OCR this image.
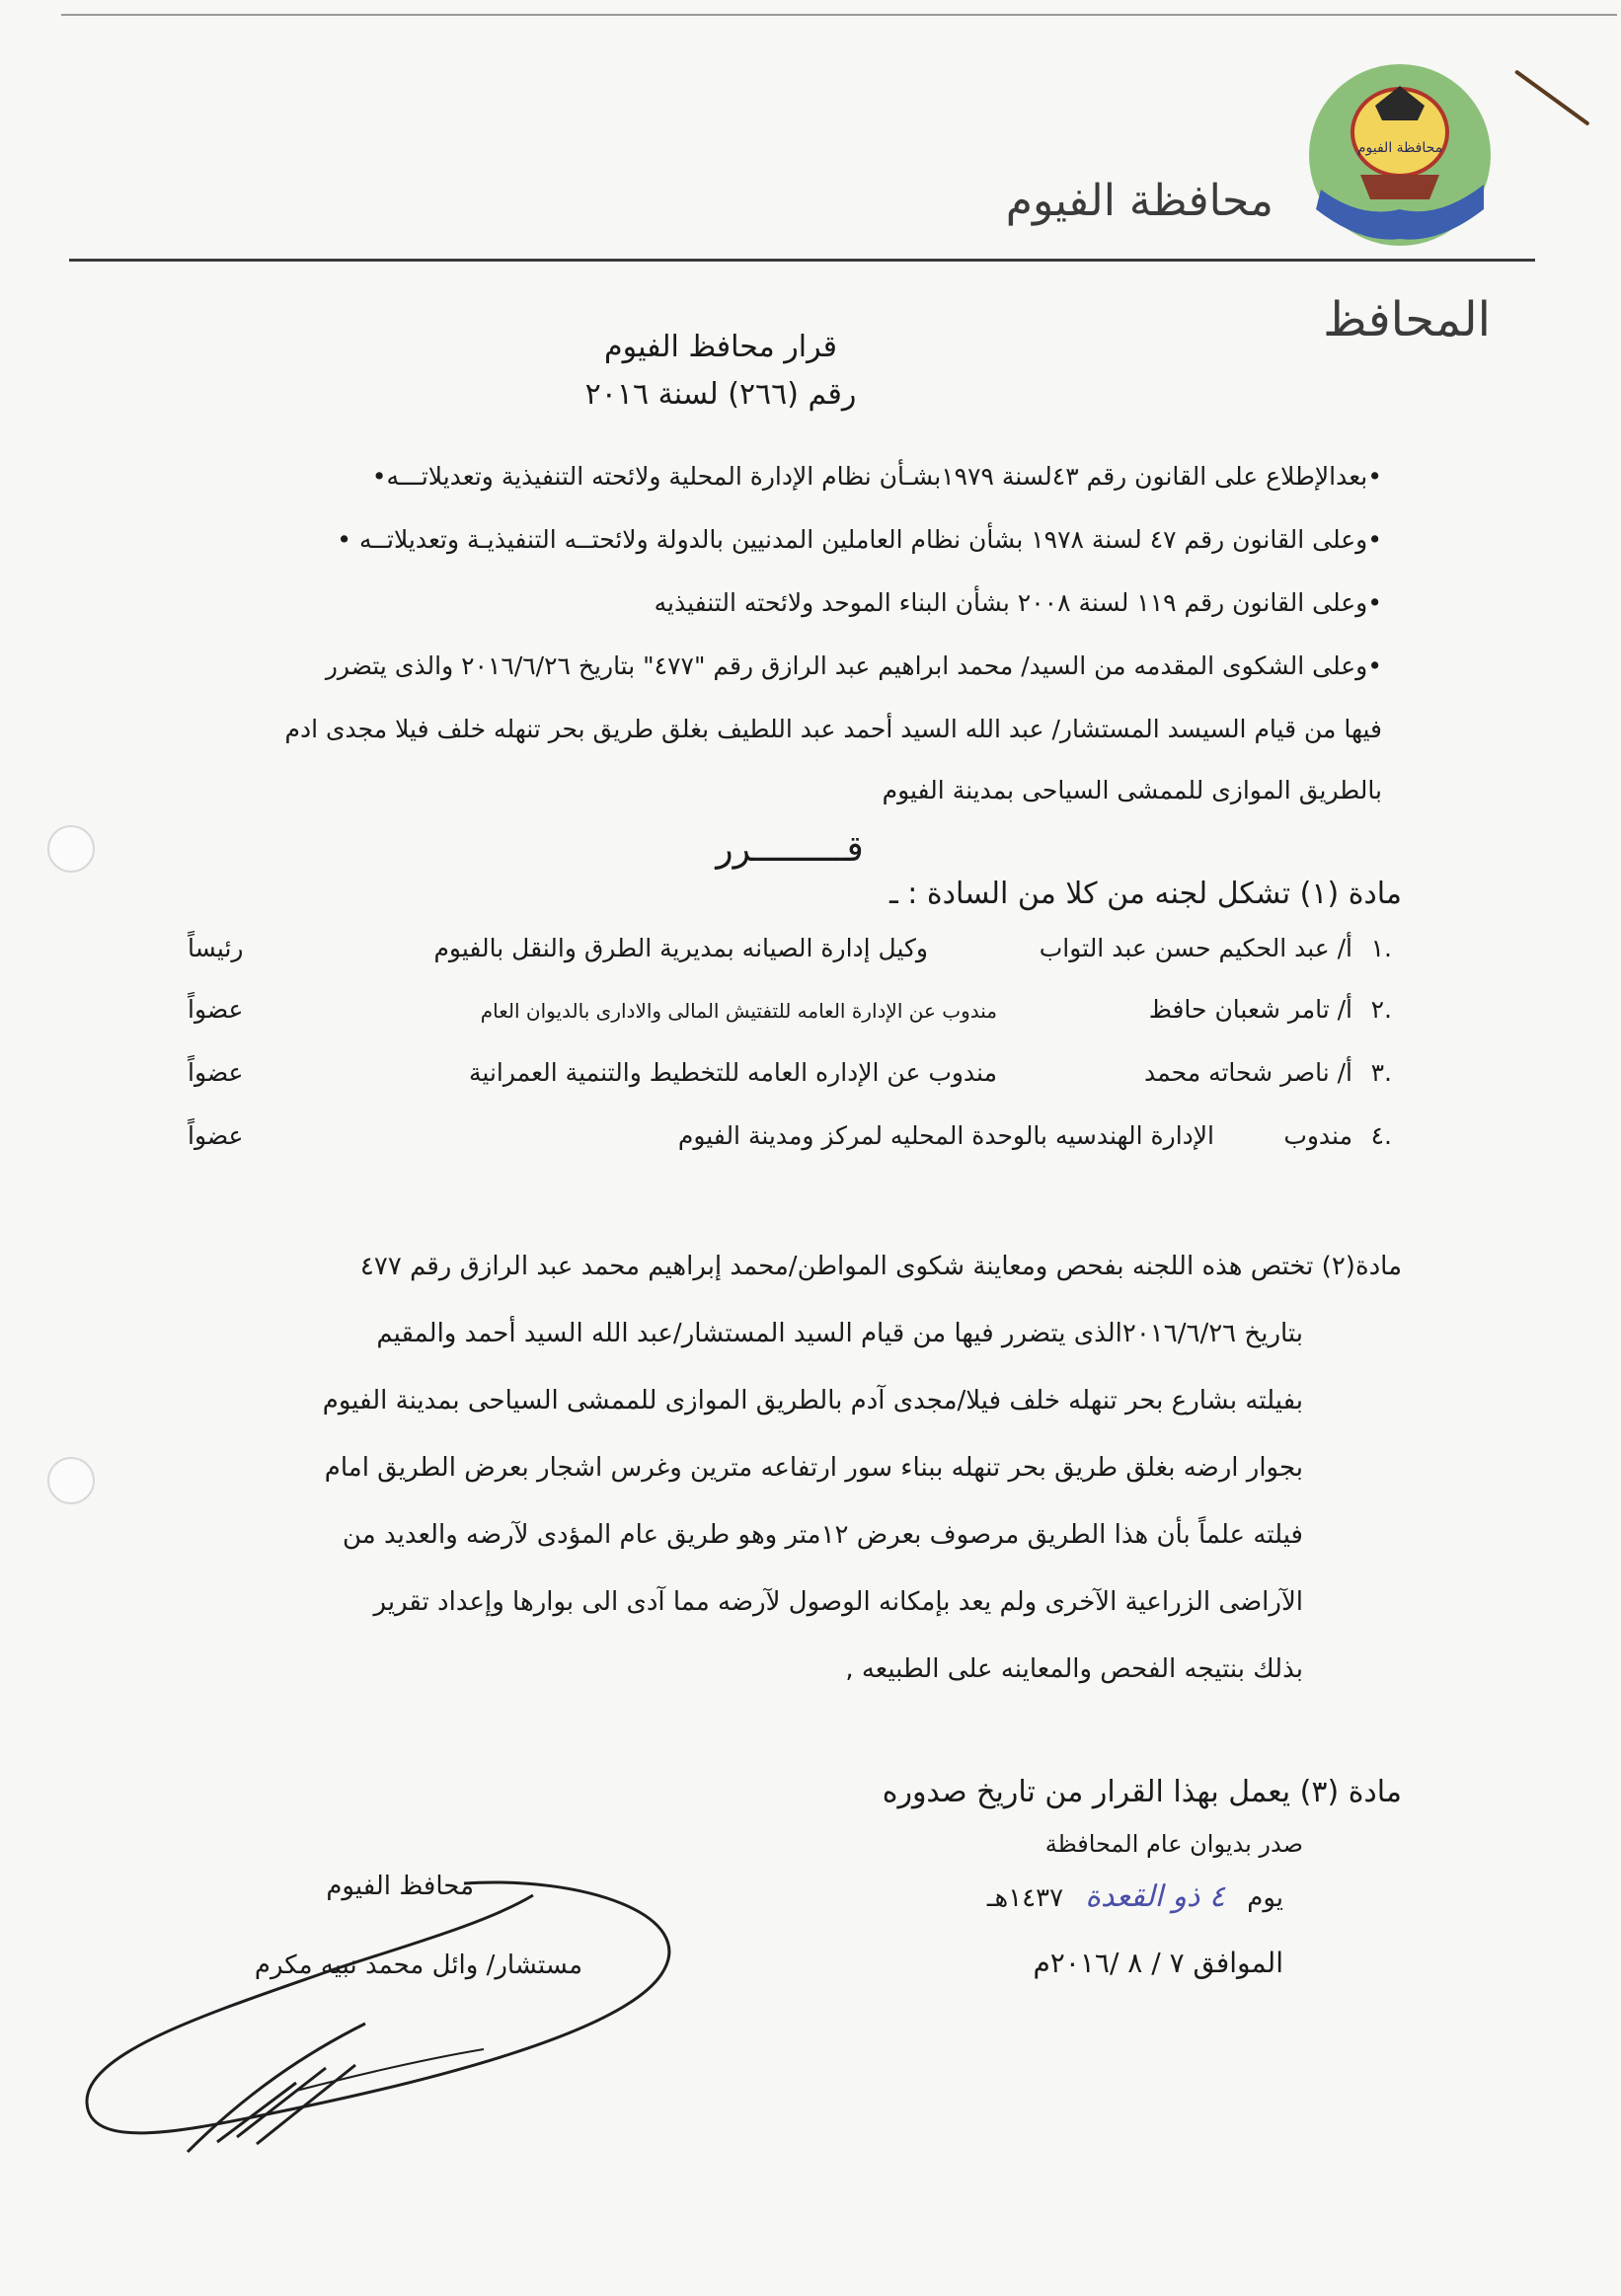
محافظة الفيوم
محافظة الفيوم
المحافظ
قرار محافظ الفيوم
رقم (٢٦٦) لسنة ٢٠١٦
•بعدالإطلاع على القانون رقم ٤٣لسنة ١٩٧٩بشـأن نظام الإدارة المحلية ولائحته التنفيذية وتعديلاتـــه•
•وعلى القانون رقم ٤٧ لسنة ١٩٧٨ بشأن نظام العاملين المدنيين بالدولة ولائحتــه التنفيذيـة وتعديلاتــه •
•وعلى القانون رقم ١١٩ لسنة ٢٠٠٨ بشأن البناء الموحد ولائحته التنفيذيه
•وعلى الشكوى المقدمه من السيد/ محمد ابراهيم عبد الرازق رقم "٤٧٧" بتاريخ ٢٠١٦/٦/٢٦ والذى يتضرر
فيها من قيام السيسد المستشار/ عبد الله السيد أحمد عبد اللطيف بغلق طريق بحر تنهله خلف فيلا مجدى ادم
بالطريق الموازى للممشى السياحى بمدينة الفيوم
قـــــــــرر
مادة (١) تشكل لجنه من كلا من السادة : ـ
١.
أ/ عبد الحكيم حسن عبد التواب
وكيل إدارة الصيانه بمديرية الطرق والنقل بالفيوم
رئيساً
٢.
أ/ تامر شعبان حافظ
مندوب عن الإدارة العامه للتفتيش المالى والادارى بالديوان العام
عضواً
٣.
أ/ ناصر شحاته محمد
مندوب عن الإداره العامه للتخطيط والتنمية العمرانية
عضواً
٤.
مندوب
الإدارة الهندسيه بالوحدة المحليه لمركز ومدينة الفيوم
عضواً
مادة(٢) تختص هذه اللجنه بفحص ومعاينة شكوى المواطن/محمد إبراهيم محمد عبد الرازق رقم ٤٧٧
بتاريخ ٢٠١٦/٦/٢٦الذى يتضرر فيها من قيام السيد المستشار/عبد الله السيد أحمد والمقيم
بفيلته بشارع بحر تنهله خلف فيلا/مجدى آدم بالطريق الموازى للممشى السياحى بمدينة الفيوم
بجوار ارضه بغلق طريق بحر تنهله ببناء سور ارتفاعه مترين وغرس اشجار بعرض الطريق امام
فيلته علماً بأن هذا الطريق مرصوف بعرض ١٢متر وهو طريق عام المؤدى لآرضه والعديد من
الآراضى الزراعية الآخرى ولم يعد بإمكانه الوصول لآرضه مما آدى الى بوارها وإعداد تقرير
بذلك بنتيجه الفحص والمعاينه على الطبيعه ,
مادة (٣) يعمل بهذا القرار من تاريخ صدوره
صدر بديوان عام المحافظة
يوم ٤ ذو القعدة ١٤٣٧هـ
الموافق ٧ / ٨ /٢٠١٦م
محافظ الفيوم
مستشار/ وائل محمد نبيه مكرم
